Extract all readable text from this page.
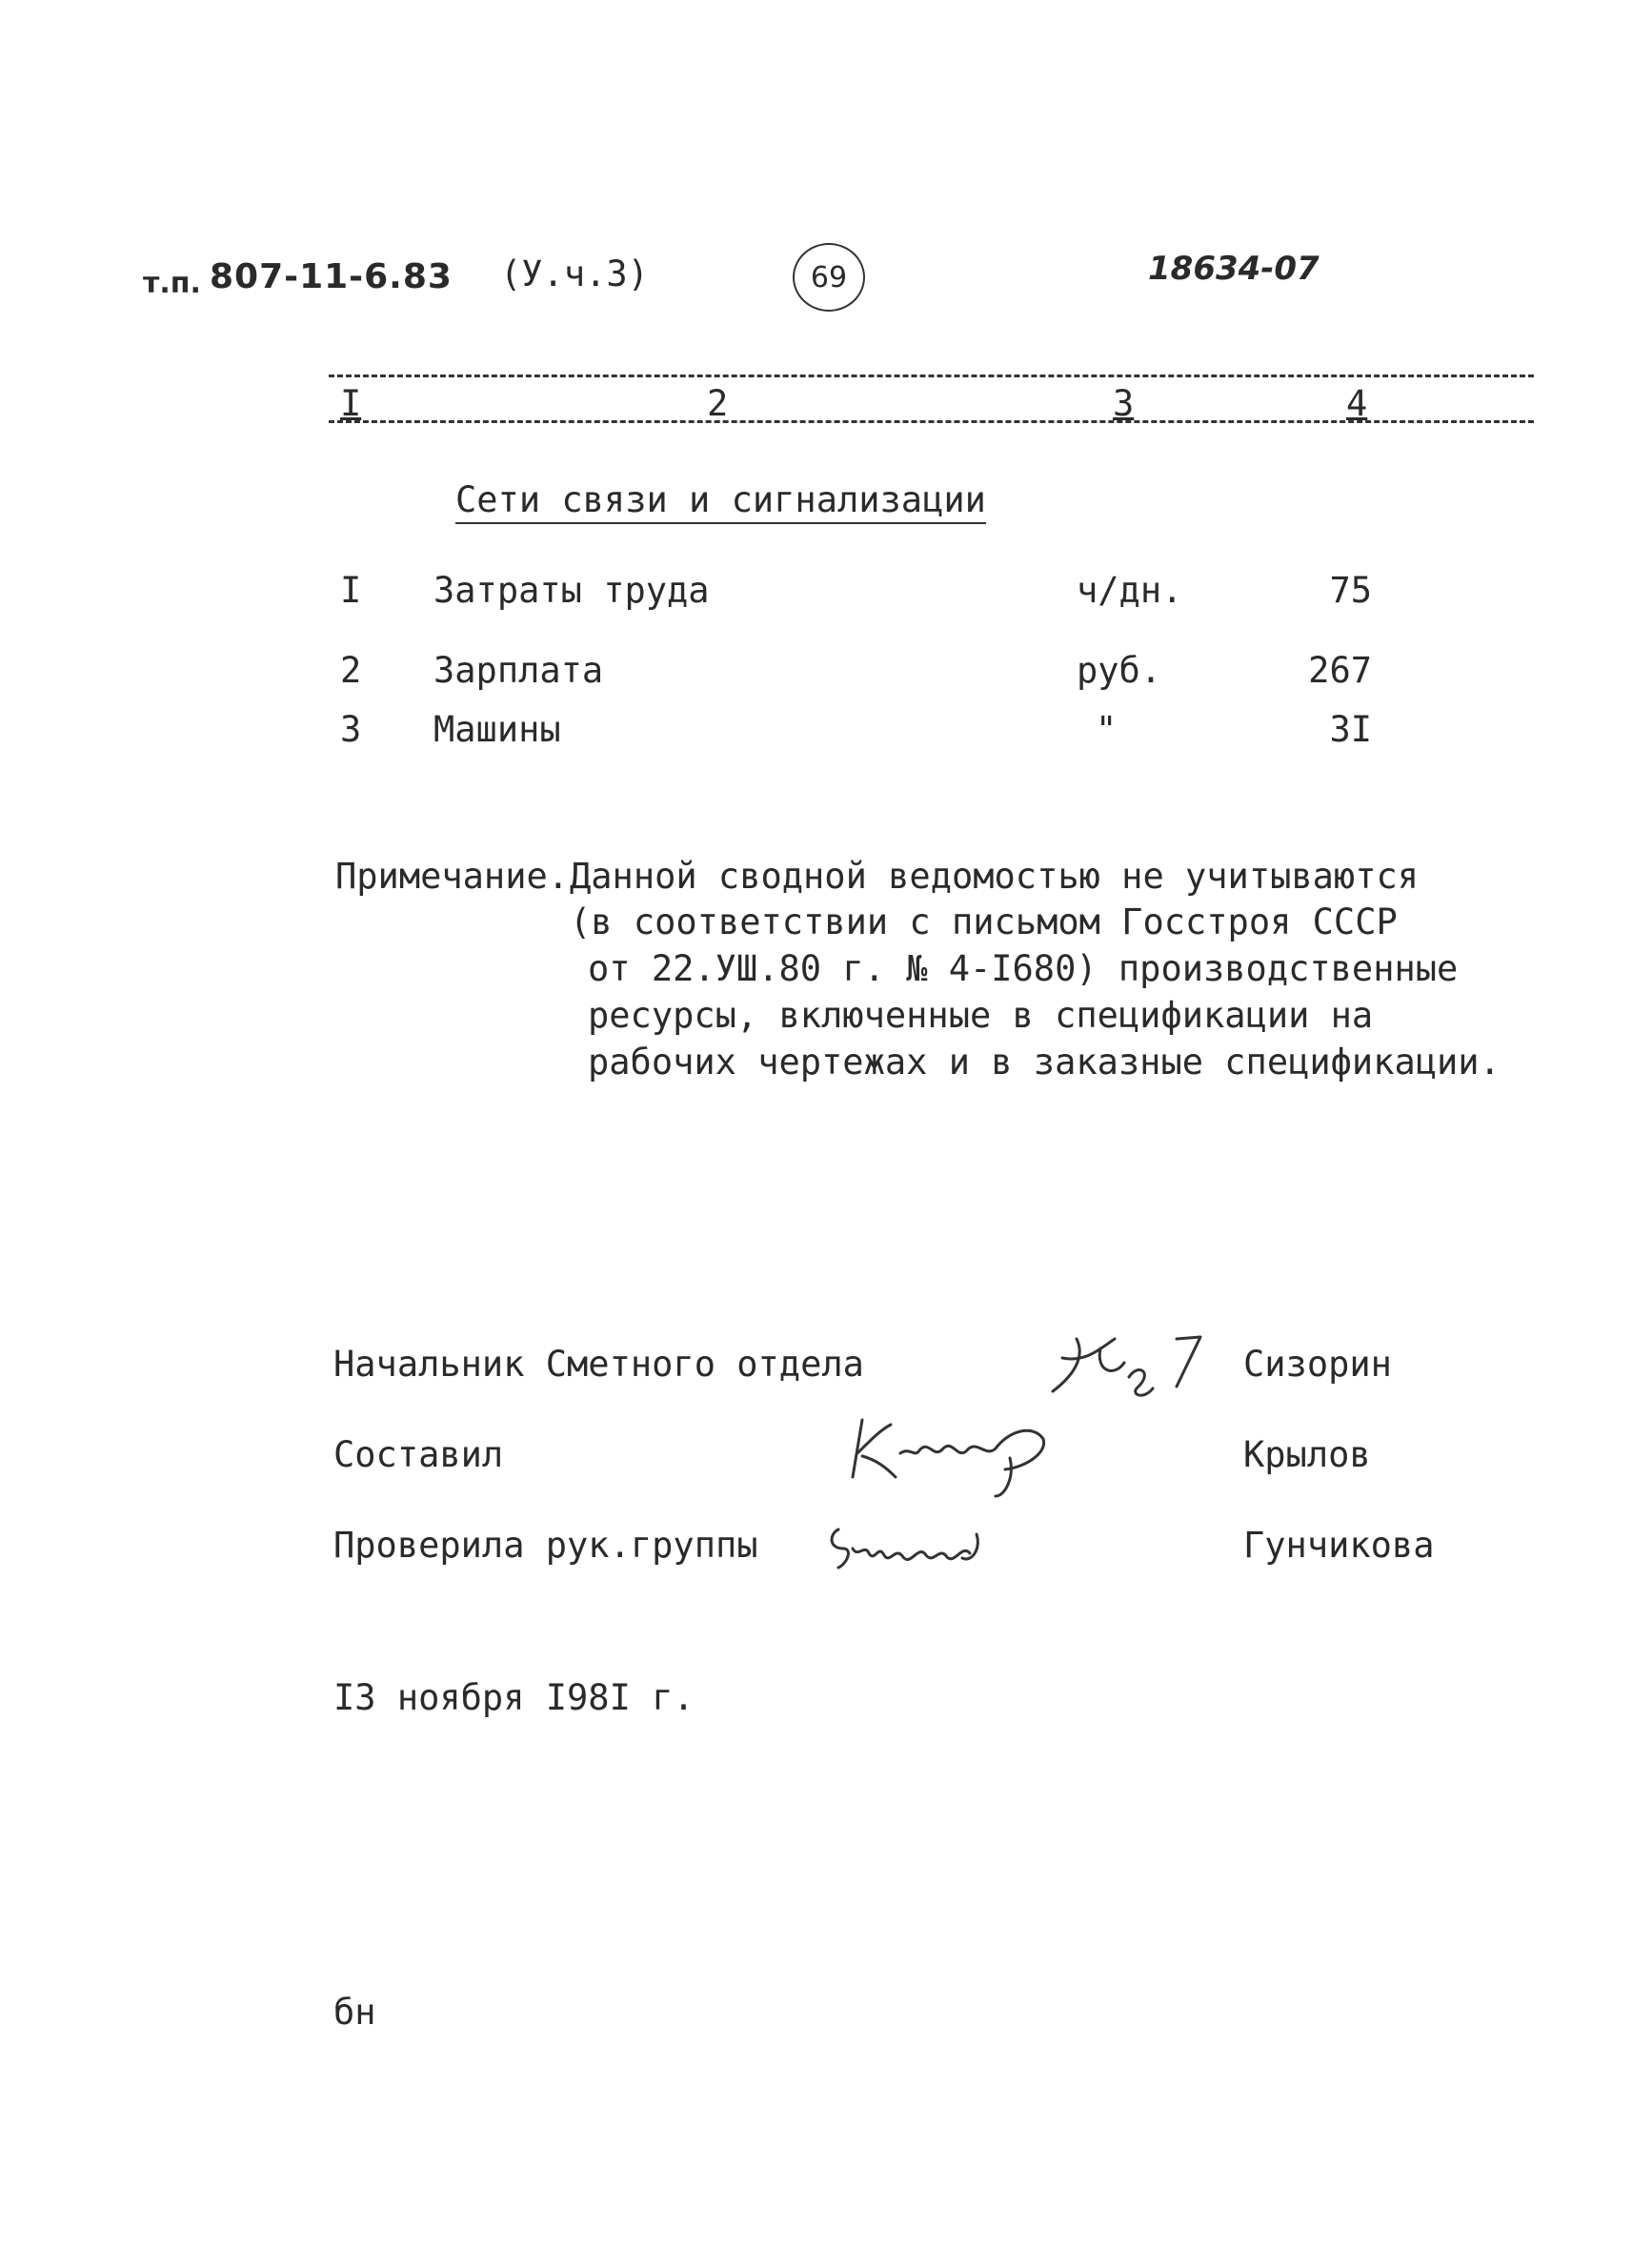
т.п. 807-11-6.83 (У.ч.3)	69	18634-07
I	2	3	4
Сети связи и сигнализации
I Затраты труда	ч/дн.	75
2 Зарплата	руб.	267
3 Машины	"	3I
Примечание. Данной сводной ведомостью не учитываются
(в соответствии с письмом Госстроя СССР
от 22.УШ.80 г. № 4-I680) производственные
ресурсы, включенные в спецификации на
рабочих чертежах и в заказные спецификации.
Начальник Сметного отдела	Сизорин
Составил	Крылов
Проверила рук.группы	Гунчикова
I3 ноября I98I г.
бн
